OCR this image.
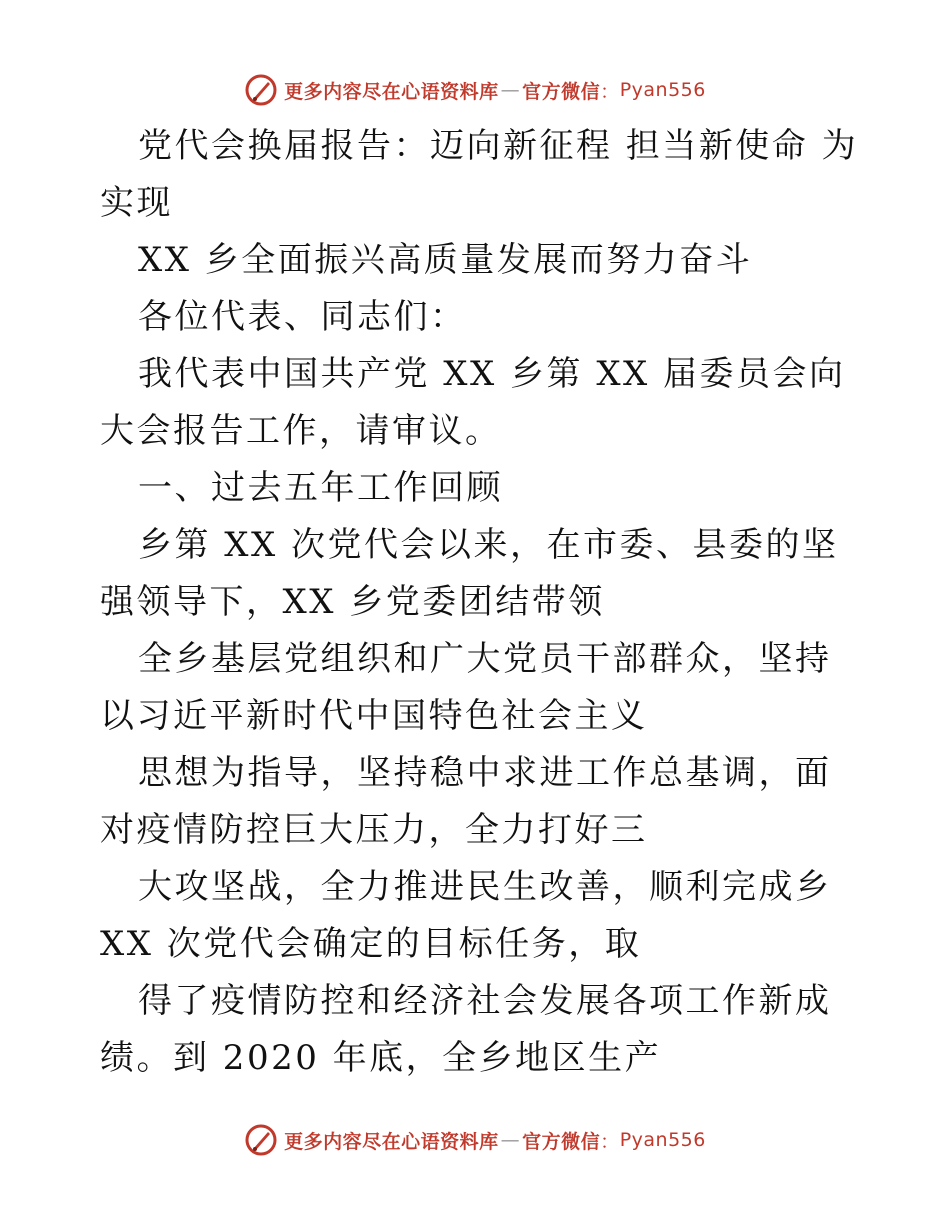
更多内容尽在心语资料库 — 官方微信 ： Pyan556

党代会换届报告：迈向新征程 担当新使命 为实现

XX 乡全面振兴高质量发展而努力奋斗

各位代表、同志们：

我代表中国共产党 XX 乡第 XX 届委员会向大会报告工作，请审议。

一、过去五年工作回顾

乡第 XX 次党代会以来，在市委、县委的坚强领导下，XX 乡党委团结带领

全乡基层党组织和广大党员干部群众，坚持以习近平新时代中国特色社会主义

思想为指导，坚持稳中求进工作总基调，面对疫情防控巨大压力，全力打好三

大攻坚战，全力推进民生改善，顺利完成乡 XX 次党代会确定的目标任务，取

得了疫情防控和经济社会发展各项工作新成绩。到 2020 年底，全乡地区生产

更多内容尽在心语资料库 — 官方微信 ： Pyan556
